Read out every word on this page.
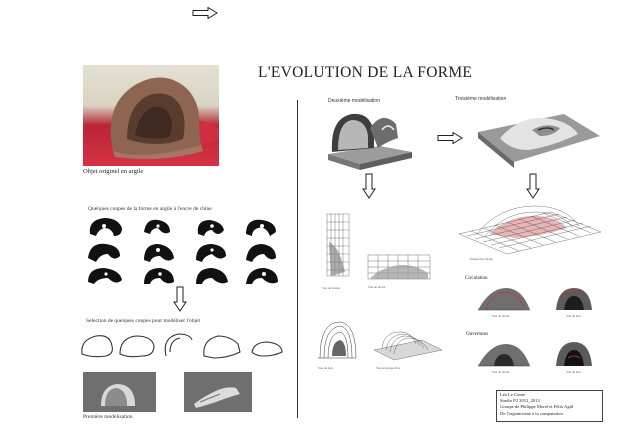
L'EVOLUTION DE LA FORME
Objet originel en argile
Quelques coupes de la forme en argile à l'encre de chine
Selection de quelques coupes pour modéliser l'objet
Première modélisation
Deuxième modélisation	Troisième modélisation
Vue de dessus	Vue de droite
Vue de face	Vue en perspective
Perspective filaire
Circulation
Vue de droite	Vue de face
Ouvertures
Vue de droite	Vue de face
Léa Le Conte
Studio P2 2012_2013
Groupe de Philippe Morel et Felix Agid
De l'organicisme à la computation
